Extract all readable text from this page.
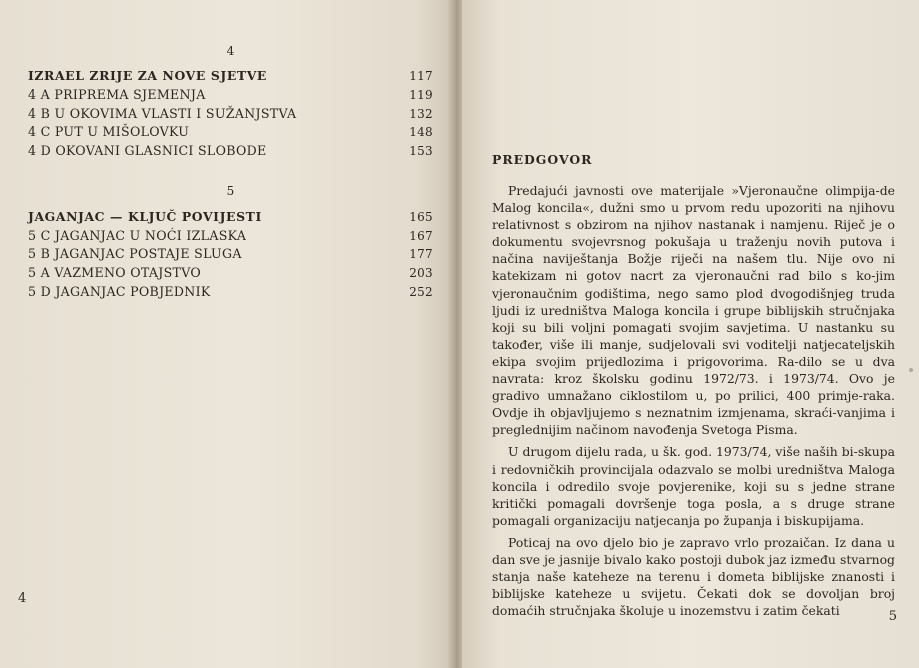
4
IZRAEL ZRIJE ZA NOVE SJETVE	117
4 A PRIPREMA SJEMENJA	119
4 B U OKOVIMA VLASTI I SUŽANJSTVA	132
4 C PUT U MIŠOLOVKU	148
4 D OKOVANI GLASNICI SLOBODE	153
5
JAGANJAC — KLJUČ POVIJESTI	165
5 C JAGANJAC U NOĆI IZLASKA	167
5 B JAGANJAC POSTAJE SLUGA	177
5 A VAZMENO OTAJSTVO	203
5 D JAGANJAC POBJEDNIK	252
4
PREDGOVOR

Predajući javnosti ove materijale »Vjeronaučne olimpija-de Malog koncila«, dužni smo u prvom redu upozoriti na njihovu relativnost s obzirom na njihov nastanak i namjenu. Riječ je o dokumentu svojevrsnog pokušaja u traženju novih putova i načina naviještanja Božje riječi na našem tlu. Nije ovo ni katekizam ni gotov nacrt za vjeronaučni rad bilo s ko-jim vjeronaučnim godištima, nego samo plod dvogodišnjeg truda ljudi iz uredništva Maloga koncila i grupe biblijskih stručnjaka koji su bili voljni pomagati svojim savjetima. U nastanku su također, više ili manje, sudjelovali svi voditelji natjecateljskih ekipa svojim prijedlozima i prigovorima. Ra-dilo se u dva navrata: kroz školsku godinu 1972/73. i 1973/74. Ovo je gradivo umnažano ciklostilom u, po prilici, 400 primje-raka. Ovdje ih objavljujemo s neznatnim izmjenama, skraći-vanjima i preglednijim načinom navođenja Svetoga Pisma.

U drugom dijelu rada, u šk. god. 1973/74, više naših bi-skupa i redovničkih provincijala odazvalo se molbi uredništva Maloga koncila i odredilo svoje povjerenike, koji su s jedne strane kritički pomagali dovršenje toga posla, a s druge strane pomagali organizaciju natjecanja po županja i biskupijama.

Poticaj na ovo djelo bio je zapravo vrlo prozaičan. Iz dana u dan sve je jasnije bivalo kako postoji dubok jaz između stvarnog stanja naše kateheze na terenu i dometa biblijske znanosti i biblijske kateheze u svijetu. Čekati dok se dovoljan broj domaćih stručnjaka školuje u inozemstvu i zatim čekati	5
